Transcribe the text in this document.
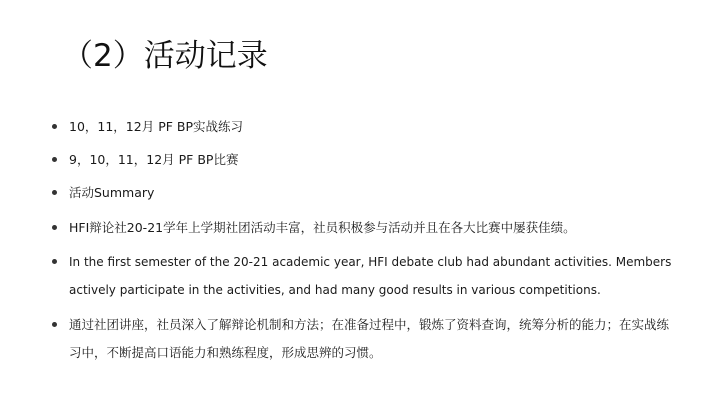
（2）活动记录
10，11，12月 PF BP实战练习
9，10，11，12月 PF BP比赛
活动Summary
HFI辩论社20-21学年上学期社团活动丰富，社员积极参与活动并且在各大比赛中屡获佳绩。
In the first semester of the 20-21 academic year, HFI debate club had abundant activities. Members actively participate in the activities, and had many good results in various competitions.
通过社团讲座，社员深入了解辩论机制和方法；在准备过程中，锻炼了资料查询，统筹分析的能力；在实战练习中，不断提高口语能力和熟练程度，形成思辨的习惯。
